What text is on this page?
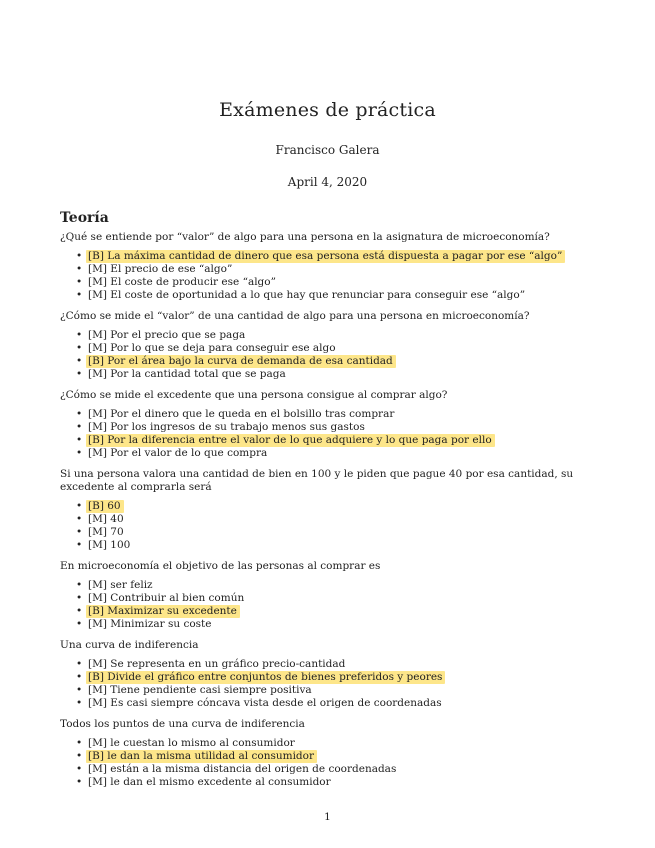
Exámenes de práctica
Francisco Galera
April 4, 2020
Teoría
¿Qué se entiende por “valor” de algo para una persona en la asignatura de microeconomía?
• [B] La máxima cantidad de dinero que esa persona está dispuesta a pagar por ese “algo”
• [M] El precio de ese “algo”
• [M] El coste de producir ese “algo”
• [M] El coste de oportunidad a lo que hay que renunciar para conseguir ese “algo”
¿Cómo se mide el “valor” de una cantidad de algo para una persona en microeconomía?
• [M] Por el precio que se paga
• [M] Por lo que se deja para conseguir ese algo
• [B] Por el área bajo la curva de demanda de esa cantidad
• [M] Por la cantidad total que se paga
¿Cómo se mide el excedente que una persona consigue al comprar algo?
• [M] Por el dinero que le queda en el bolsillo tras comprar
• [M] Por los ingresos de su trabajo menos sus gastos
• [B] Por la diferencia entre el valor de lo que adquiere y lo que paga por ello
• [M] Por el valor de lo que compra
Si una persona valora una cantidad de bien en 100 y le piden que pague 40 por esa cantidad, su excedente al comprarla será
• [B] 60
• [M] 40
• [M] 70
• [M] 100
En microeconomía el objetivo de las personas al comprar es
• [M] ser feliz
• [M] Contribuir al bien común
• [B] Maximizar su excedente
• [M] Minimizar su coste
Una curva de indiferencia
• [M] Se representa en un gráfico precio-cantidad
• [B] Divide el gráfico entre conjuntos de bienes preferidos y peores
• [M] Tiene pendiente casi siempre positiva
• [M] Es casi siempre cóncava vista desde el origen de coordenadas
Todos los puntos de una curva de indiferencia
• [M] le cuestan lo mismo al consumidor
• [B] le dan la misma utilidad al consumidor
• [M] están a la misma distancia del origen de coordenadas
• [M] le dan el mismo excedente al consumidor
1
